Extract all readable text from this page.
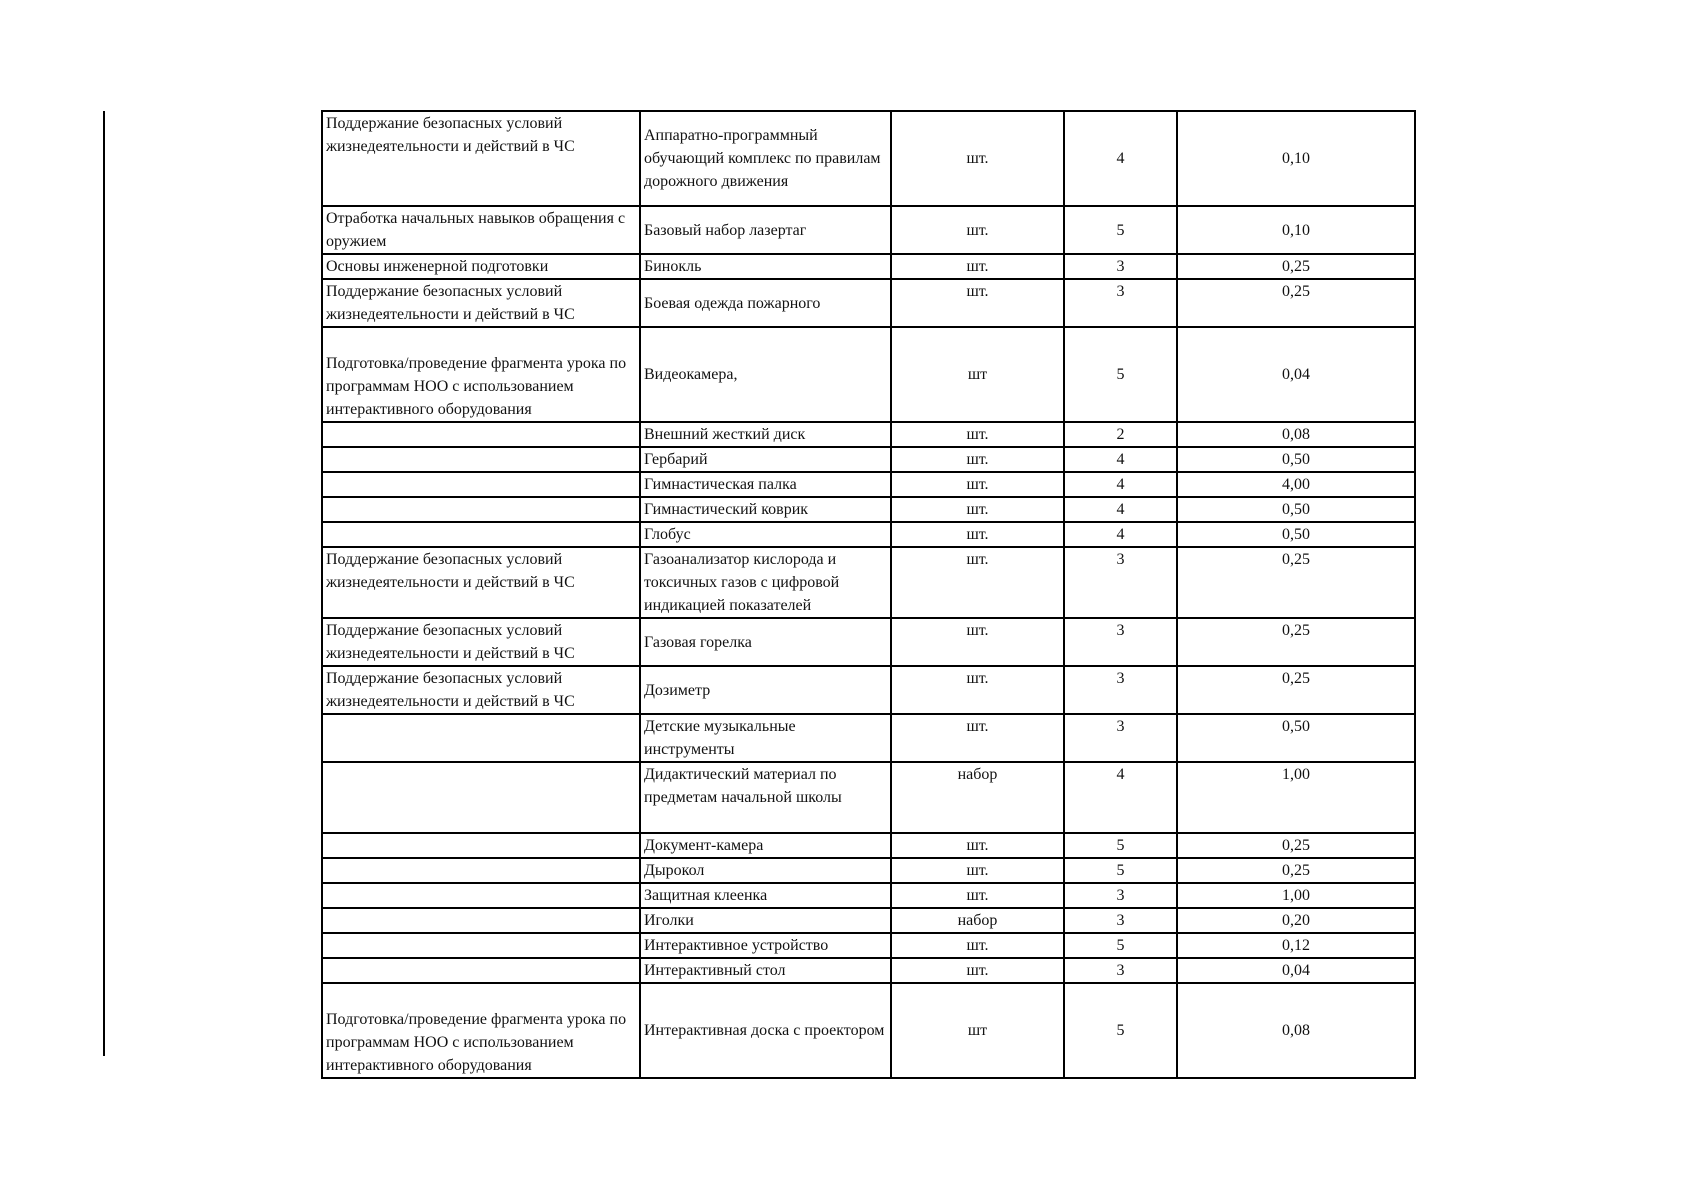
Поддержание безопасных условий жизнедеятельности и действий в ЧС	Аппаратно-программный обучающий комплекс по правилам дорожного движения	шт.	4	0,10
Отработка начальных навыков обращения с оружием	Базовый набор лазертаг	шт.	5	0,10
Основы инженерной подготовки	Бинокль	шт.	3	0,25
Поддержание безопасных условий жизнедеятельности и действий в ЧС	Боевая одежда пожарного	шт.	3	0,25
Подготовка/проведение фрагмента урока по программам НОО с использованием интерактивного оборудования	Видеокамера,	шт	5	0,04
	Внешний жесткий диск	шт.	2	0,08
	Гербарий	шт.	4	0,50
	Гимнастическая палка	шт.	4	4,00
	Гимнастический коврик	шт.	4	0,50
	Глобус	шт.	4	0,50
Поддержание безопасных условий жизнедеятельности и действий в ЧС	Газоанализатор кислорода и токсичных газов с цифровой индикацией показателей	шт.	3	0,25
Поддержание безопасных условий жизнедеятельности и действий в ЧС	Газовая горелка	шт.	3	0,25
Поддержание безопасных условий жизнедеятельности и действий в ЧС	Дозиметр	шт.	3	0,25
	Детские музыкальные инструменты	шт.	3	0,50
	Дидактический материал по предметам начальной школы	набор	4	1,00
	Документ-камера	шт.	5	0,25
	Дырокол	шт.	5	0,25
	Защитная клеенка	шт.	3	1,00
	Иголки	набор	3	0,20
	Интерактивное устройство	шт.	5	0,12
	Интерактивный стол	шт.	3	0,04
Подготовка/проведение фрагмента урока по программам НОО с использованием интерактивного оборудования	Интерактивная доска с проектором	шт	5	0,08
